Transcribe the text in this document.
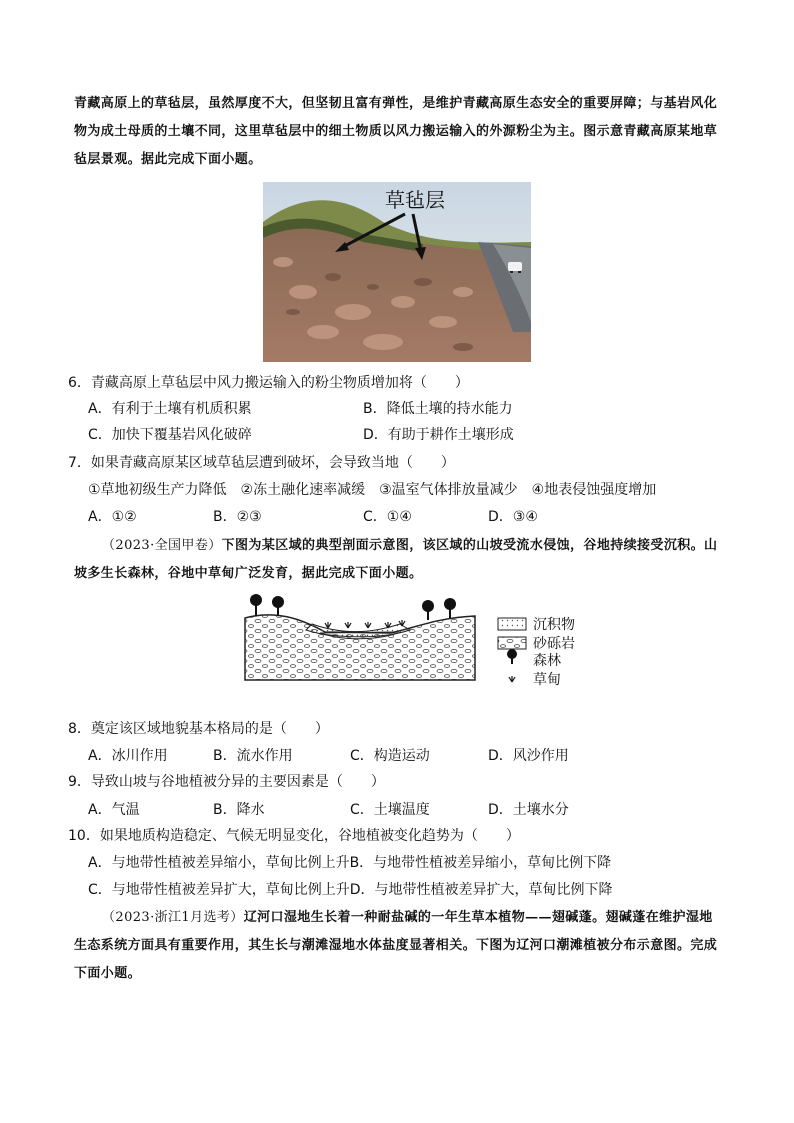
青藏高原上的草毡层，虽然厚度不大，但坚韧且富有弹性，是维护青藏高原生态安全的重要屏障；与基岩风化物为成土母质的土壤不同，这里草毡层中的细土物质以风力搬运输入的外源粉尘为主。图示意青藏高原某地草毡层景观。据此完成下面小题。
草毡层
6．青藏高原上草毡层中风力搬运输入的粉尘物质增加将（　　）
A．有利于土壤有机质积累	B．降低土壤的持水能力
C．加快下覆基岩风化破碎	D．有助于耕作土壤形成
7．如果青藏高原某区域草毡层遭到破坏，会导致当地（　　）
①草地初级生产力降低　②冻土融化速率减缓　③温室气体排放量减少　④地表侵蚀强度增加
A．①②	B．②③	C．①④	D．③④
（2023·全国甲卷）下图为某区域的典型剖面示意图，该区域的山坡受流水侵蚀，谷地持续接受沉积。山坡多生长森林，谷地中草甸广泛发育，据此完成下面小题。
沉积物
砂砾岩
森林
草甸
8．奠定该区域地貌基本格局的是（　　）
A．冰川作用	B．流水作用	C．构造运动	D．风沙作用
9．导致山坡与谷地植被分异的主要因素是（　　）
A．气温	B．降水	C．土壤温度	D．土壤水分
10．如果地质构造稳定、气候无明显变化，谷地植被变化趋势为（　　）
A．与地带性植被差异缩小，草甸比例上升B．与地带性植被差异缩小，草甸比例下降
C．与地带性植被差异扩大，草甸比例上升D．与地带性植被差异扩大，草甸比例下降
（2023·浙江1月选考）辽河口湿地生长着一种耐盐碱的一年生草本植物——翅碱蓬。翅碱蓬在维护湿地生态系统方面具有重要作用，其生长与潮滩湿地水体盐度显著相关。下图为辽河口潮滩植被分布示意图。完成下面小题。
